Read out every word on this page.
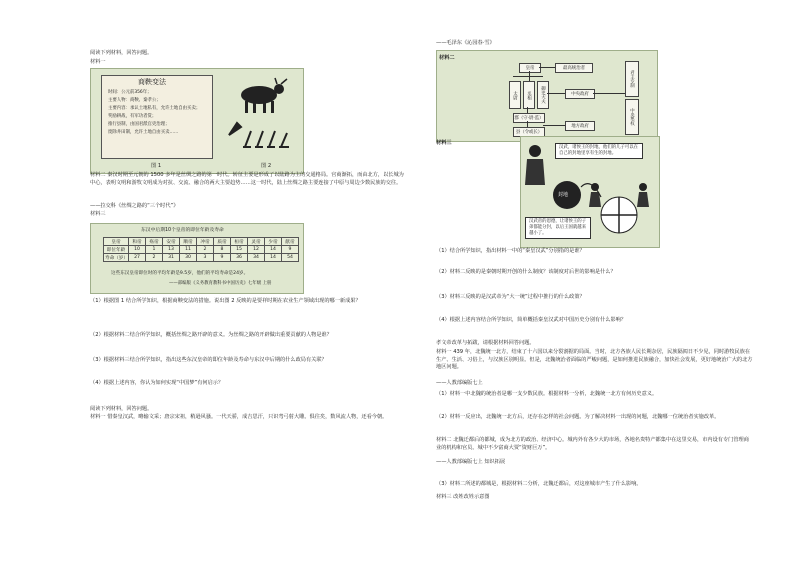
阅读下列材料，回答问题。
材料一
商鞅变法
时间：公元前356年；
主要人物：商鞅、秦孝公；
主要内容：承认土地私有，允许土地自由买卖；
奖励耕战，有军功者赏；
推行县制，由国君派官吏治理；
废除井田制，允许土地自由买卖……
图 1	图 2
材料二 秦汉时期至元朝的 1500 多年是丝绸之路的第一时代。转征主要是形成了以陆路为主的交通格局。官商渐拓，而由北方，以长城为中心，表明文明和游牧文明成为对抗、交流、融合的两大主要趋势……这一时代，陆上丝绸之路主要连接了中原与周边少数民族的交往。
——拉交科《丝绸之路的“三个时代”》
材料三
东汉中后期10个皇帝的即位年龄及寿命
皇帝	和帝	殇帝	安帝	顺帝	冲帝	质帝	桓帝	灵帝	少帝	献帝
即位年龄	10	1	13	11	2	8	15	12	14	9
寿命（岁）	27	2	31	30	3	9	36	34	14	54
这些东汉皇帝即位时的平均年龄是9.5岁，他们的平均寿命是24岁。
——部编版《义务教育教科书中国历史》七年级 上册
（1）根据图 1 结合所学知识，根据商鞅变法的措施。说出图 2 反映的是要祥时期在农业生产领域出现的哪一新成果？
（2）根据材料二结合所学知识，概括丝绸之路开辟的意义。为丝绸之路的开辟做出重要贡献的人物是谁？
（3）根据材料三结合所学知识，指出这些东汉皇帝的即位年龄及寿命与东汉中后期的什么政局有关联？
（4）根据上述内容，你认为如何实现“中国梦”有何启示？
阅读下列材料，回答问题。
材料一 惜秦皇汉武，略输文采；唐宗宋祖，稍逊风骚。一代天骄，成吉思汗，只识弯弓射大雕。俱往矣，数风流人物，还看今朝。
——毛泽东《沁园春·雪》
材料二
皇帝	最高统治者
太尉	丞相	御史大夫	中央政府
郡（守·尉·监）
县（令或长）
地方政府
君主专制
中央集权
材料三
汉武，诸侯王的封地，他们的儿子可以在自己的封地里享有生的封地。
汉武帝的恩德，让诸侯王的子弟都能分封，以后王国就越来越小了。
封地
（1）结合所学知识，指出材料一中的“秦皇汉武”分别指的是谁？
（2）材料二反映的是秦朝时期开创的什么制度？该制度对后世的影响是什么？
（3）材料三反映的是汉武帝为“大一统”过程中推行的什么政策？
（4）根据上述内容结合所学知识，简单概括秦皇汉武对中国历史分别有什么影响？
孝文帝改革与拓跋，请根据材料回答问题。
材料一 439 年，北魏统一北方，结束了十六国以来分裂割据的局面。当时，北方各族人民长期杂居，民族隔阂日不少见，同时游牧民族在生产、生活、习俗上，与汉族区别明显。但是，北魏统治者面临的严峻问题，是如何推进民族融合，加快社会发展，更好地统治广大的北方地区问题。
——人教部编版七上
（1）材料一中北魏的统治者是哪一支少数民族。根据材料一分析，北魏统一北方有何历史意义。
（2）材料一反应出，北魏统一北方后，还存在怎样的社会问题。为了解决材料一出现的问题，北魏哪一位统治者实施改革。
材料二 北魏迁都后的都城，成为北方的政治、经济中心。城内外有各少大的市场，各地名贵特产都集中在这里交易，市内设有专门管理商业的机构和官员。城中不少富商大贾“资财巨万”。
——人教部编版七上 知识拓展
（3）材料二所述的都城是，根据材料二分析，北魏迁都后，对这座城市产生了什么影响。
材料三 改姓改姓示意图
